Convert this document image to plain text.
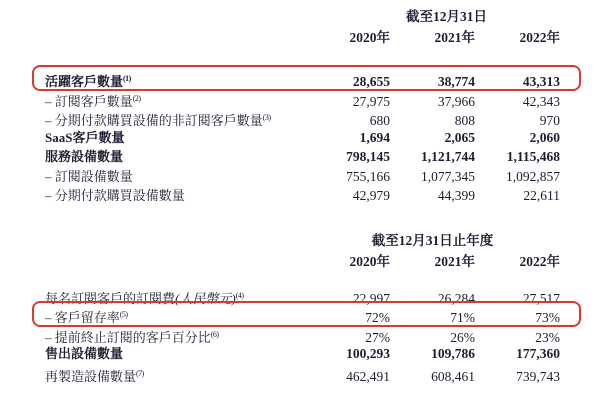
截至12月31日
2020年	2021年	2022年
活躍客戶數量$^{(1)}$	28,655	38,774	43,313
– 訂閱客戶數量$^{(2)}$	27,975	37,966	42,343
– 分期付款購買設備的非訂閱客戶數量$^{(3)}$	680	808	970
SaaS客戶數量	1,694	2,065	2,060
服務設備數量	798,145	1,121,744	1,115,468
– 訂閱設備數量	755,166	1,077,345	1,092,857
– 分期付款購買設備數量	42,979	44,399	22,611
截至12月31日止年度
2020年	2021年	2022年
每名訂閱客戶的訂閱費(人民幣元)$^{(4)}$	22,997	26,284	27,517
– 客戶留存率$^{(5)}$	72%	71%	73%
– 提前終止訂閱的客戶百分比$^{(6)}$	27%	26%	23%
售出設備數量	100,293	109,786	177,360
再製造設備數量$^{(7)}$	462,491	608,461	739,743
